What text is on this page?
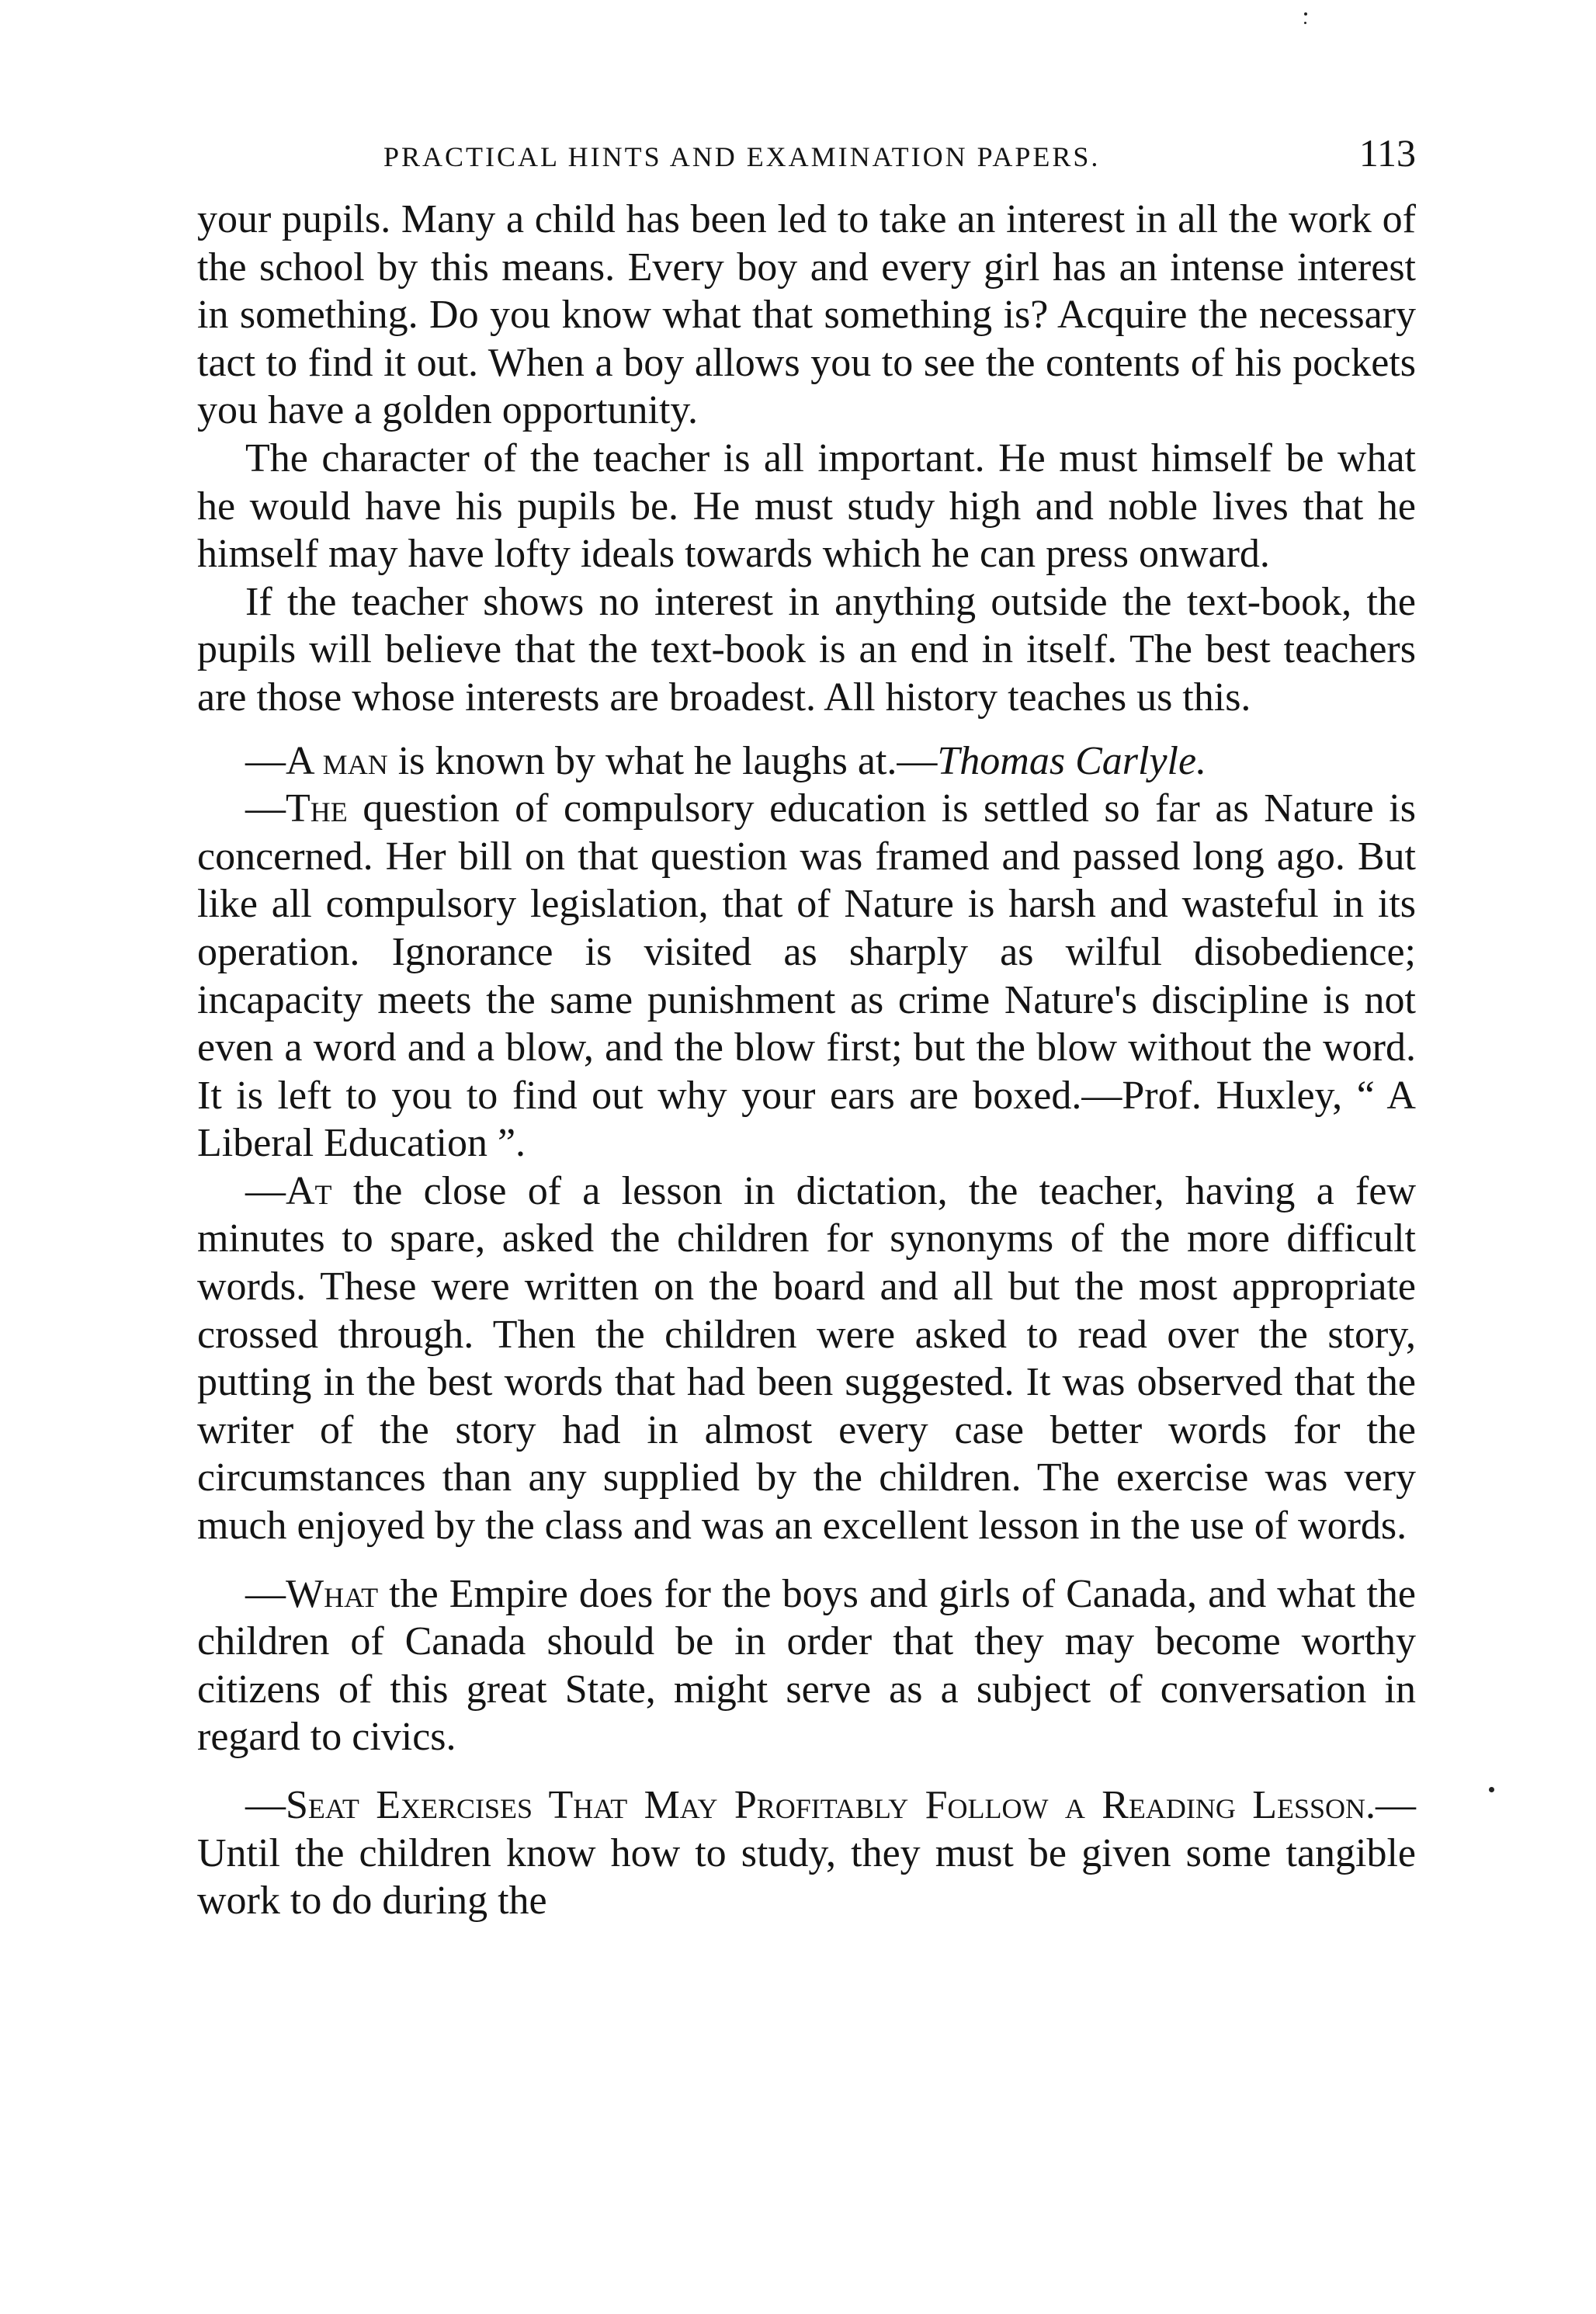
PRACTICAL HINTS AND EXAMINATION PAPERS.	113

your pupils. Many a child has been led to take an interest in all the work of the school by this means. Every boy and every girl has an intense interest in something. Do you know what that something is? Acquire the necessary tact to find it out. When a boy allows you to see the contents of his pockets you have a golden opportunity.

The character of the teacher is all important. He must himself be what he would have his pupils be. He must study high and noble lives that he himself may have lofty ideals towards which he can press onward.

If the teacher shows no interest in anything outside the text-book, the pupils will believe that the text-book is an end in itself. The best teachers are those whose interests are broadest. All history teaches us this.

—A man is known by what he laughs at.—Thomas Carlyle.

—The question of compulsory education is settled so far as Nature is concerned. Her bill on that question was framed and passed long ago. But like all compulsory legislation, that of Nature is harsh and wasteful in its operation. Ignorance is visited as sharply as wilful disobedience; incapacity meets the same punishment as crime Nature's discipline is not even a word and a blow, and the blow first; but the blow without the word. It is left to you to find out why your ears are boxed.—Prof. Huxley, “ A Liberal Education ”.

—At the close of a lesson in dictation, the teacher, having a few minutes to spare, asked the children for synonyms of the more difficult words. These were written on the board and all but the most appropriate crossed through. Then the children were asked to read over the story, putting in the best words that had been suggested. It was observed that the writer of the story had in almost every case better words for the circumstances than any supplied by the children. The exercise was very much enjoyed by the class and was an excellent lesson in the use of words.

—What the Empire does for the boys and girls of Canada, and what the children of Canada should be in order that they may become worthy citizens of this great State, might serve as a subject of conversation in regard to civics.

—Seat Exercises That May Profitably Follow a Reading Lesson.—Until the children know how to study, they must be given some tangible work to do during the
